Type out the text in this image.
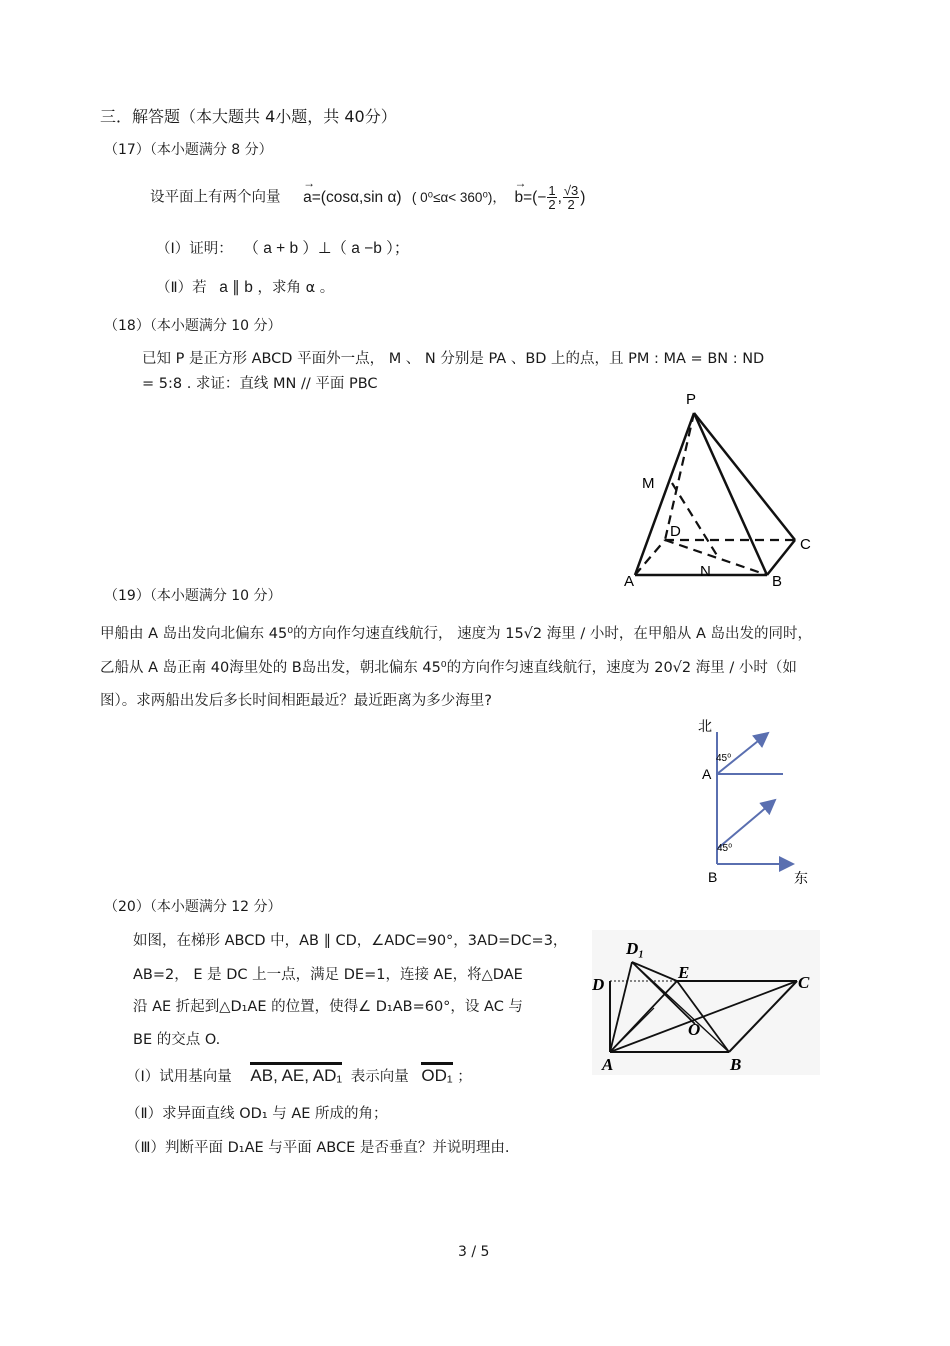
三．解答题（本大题共 4小题，共 40分）
（17）（本小题满分 8 分）
设平面上有两个向量 → a=(cosα,sin α) ( 0⁰≤α< 360⁰)， → $b=(- \frac{1}{2}$ , $\frac{√3}{2}$ )
（Ⅰ）证明： （ a + b ）⊥（ a −b ）；
（Ⅱ）若 a ∥ b ，求角 α 。
（18）（本小题满分 10 分）
已知 P 是正方形 ABCD 平面外一点， M 、 N 分别是 PA 、BD 上的点，且 PM : MA = BN : ND
= 5:8 . 求证：直线 MN // 平面 PBC
P
M
D
C
A
N
B
（19）（本小题满分 10 分）
甲船由 A 岛出发向北偏东 45⁰的方向作匀速直线航行， 速度为 15√2 海里 / 小时，在甲船从 A 岛出发的同时，
乙船从 A 岛正南 40海里处的 B岛出发，朝北偏东 45⁰的方向作匀速直线航行，速度为 20√2 海里 / 小时（如
图）。求两船出发后多长时间相距最近？最近距离为多少海里?
北
45⁰
A
45⁰
B	东
（20）（本小题满分 12 分）
如图，在梯形 ABCD 中，AB ∥ CD，∠ADC=90°，3AD=DC=3，
AB=2， E 是 DC 上一点，满足 DE=1，连接 AE，将△DAE
沿 AE 折起到△D₁AE 的位置，使得∠ D₁AB=60°，设 AC 与
BE 的交点 O.
（Ⅰ）试用基向量 AB, AE, AD₁ 表示向量 OD₁ ；
（Ⅱ）求异面直线 OD₁ 与 AE 所成的角；
（Ⅲ）判断平面 D₁AE 与平面 ABCE 是否垂直？并说明理由.
D₁
D
E
C
O
A	B
3 / 5
